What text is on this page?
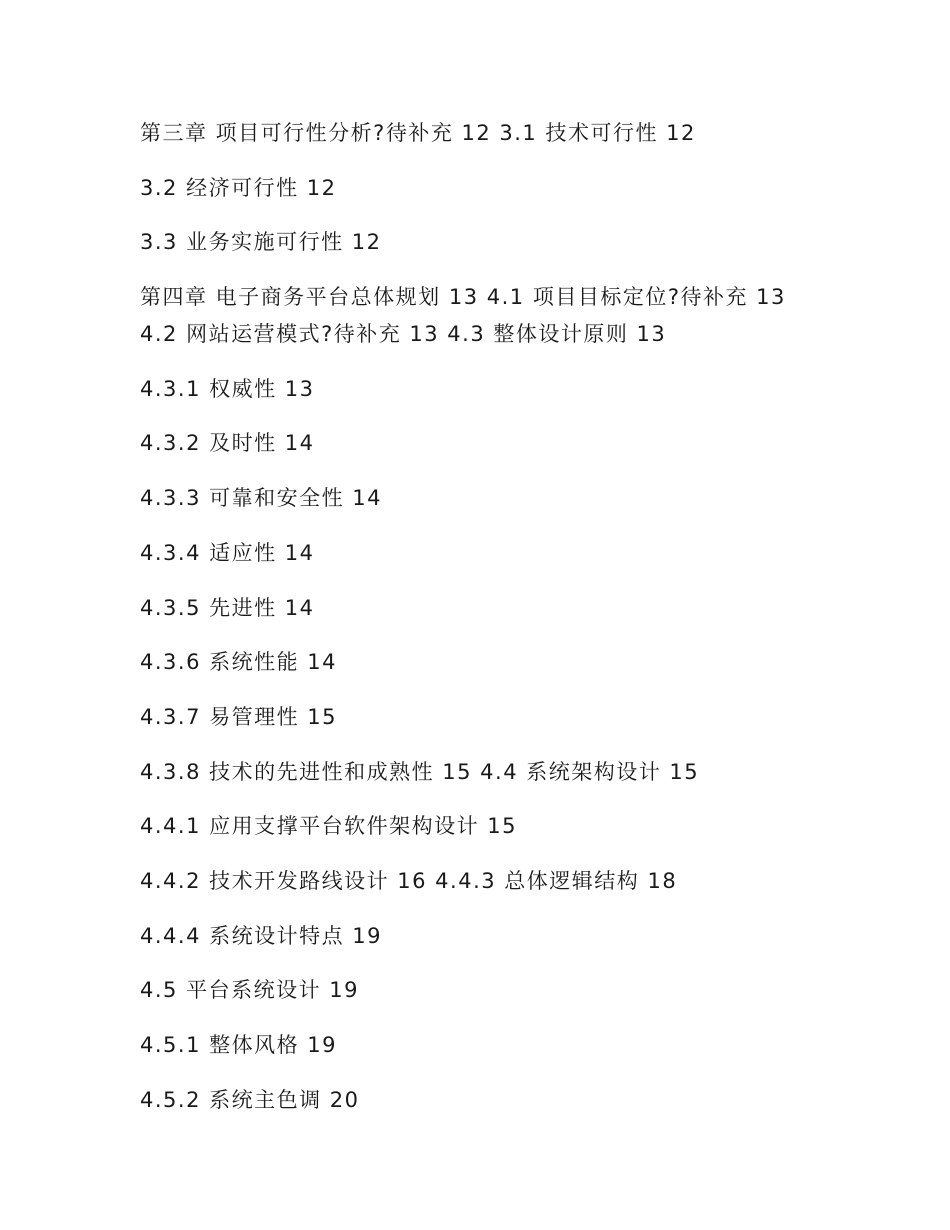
第三章 项目可行性分析?待补充 12 3.1 技术可行性 12
3.2 经济可行性 12
3.3 业务实施可行性 12
第四章 电子商务平台总体规划 13 4.1 项目目标定位?待补充 13 4.2 网站运营模式?待补充 13 4.3 整体设计原则 13
4.3.1 权威性 13
4.3.2 及时性 14
4.3.3 可靠和安全性 14
4.3.4 适应性 14
4.3.5 先进性 14
4.3.6 系统性能 14
4.3.7 易管理性 15
4.3.8 技术的先进性和成熟性 15 4.4 系统架构设计 15
4.4.1 应用支撑平台软件架构设计 15
4.4.2 技术开发路线设计 16 4.4.3 总体逻辑结构 18
4.4.4 系统设计特点 19
4.5 平台系统设计 19
4.5.1 整体风格 19
4.5.2 系统主色调 20
